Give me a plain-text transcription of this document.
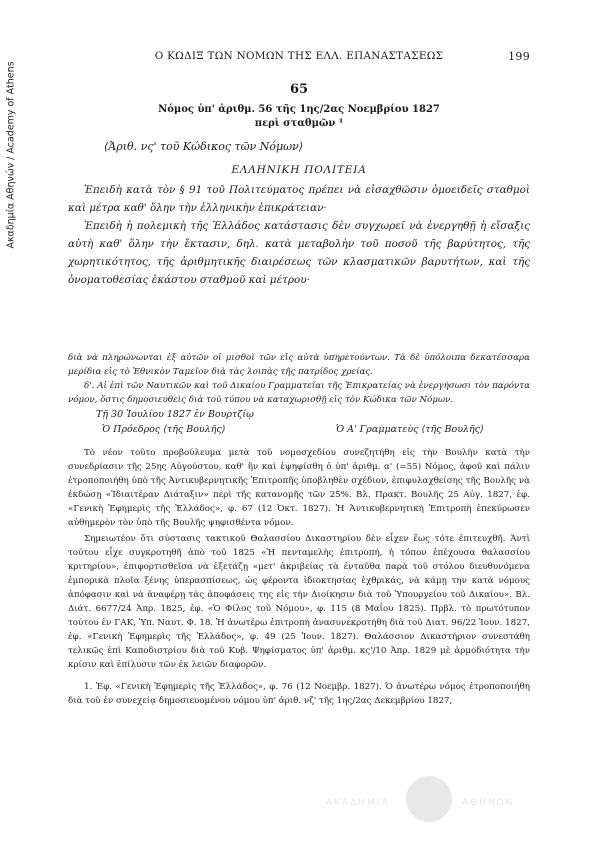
Ακαδημία Αθηνών / Academy of Athens
Ο ΚΩΔΙΞ ΤΩΝ ΝΟΜΩΝ ΤΗΣ ΕΛΛ. ΕΠΑΝΑΣΤΑΣΕΩΣ	199
65
Νόμος ὑπ' ἀριθμ. 56 τῆς 1ης/2ας Νοεμβρίου 1827
περὶ σταθμῶν ¹
⟨Ἀριθ. νς' τοῦ Κώδικος τῶν Νόμων⟩
ΕΛΛΗΝΙΚΗ ΠΟΛΙΤΕΙΑ

Ἐπειδὴ κατὰ τὸν § 91 τοῦ Πολιτεύματος πρέπει νὰ εἰσαχθῶσιν ὁμοειδεῖς σταθμοὶ καὶ μέτρα καθ' ὅλην τὴν ἑλληνικὴν ἐπικράτειαν·

Ἐπειδὴ ἡ πολεμικὴ τῆς Ἑλλάδος κατάστασις δὲν συγχωρεῖ νὰ ἐνεργηθῇ ἡ εἴσαξις αὐτὴ καθ' ὅλην τὴν ἔκτασιν, δηλ. κατὰ μεταβολὴν τοῦ ποσοῦ τῆς βαρύτητος, τῆς χωρητικότητος, τῆς ἀριθμητικῆς διαιρέσεως τῶν κλασματικῶν βαρυτήτων, καὶ τῆς ὀνοματοθεσίας ἑκάστου σταθμοῦ καὶ μέτρου·

διὰ νὰ πληρώνωνται ἐξ αὐτῶν οἱ μισθοὶ τῶν εἰς αὐτὰ ὑπηρετούντων. Τὰ δὲ ὑπόλοιπα δεκατέσσαρα μερίδια εἰς τὸ Ἐθνικὸν Ταμεῖον διὰ τὰς λοιπὰς τῆς πατρίδος χρείας.

δ'. Αἱ ἐπὶ τῶν Ναυτικῶν καὶ τοῦ Δικαίου Γραμματεῖαι τῆς Ἐπικρατείας νὰ ἐνεργήσωσι τὸν παρόντα νόμον, ὅστις δημοσιευθεὶς διὰ τοῦ τύπου νὰ καταχωρισθῇ εἰς τὸν Κώδικα τῶν Νόμων.

Τῇ 30 Ἰουλίου 1827 ἐν Βουρτζίῳ
Ὁ Πρόεδρος ⟨τῆς Βουλῆς⟩	Ὁ Α' Γραμματεὺς ⟨τῆς Βουλῆς⟩

Τὸ νέον τοῦτο προβούλευμα μετὰ τοῦ νομοσχεδίου συνεζητήθη εἰς τὴν Βουλὴν κατὰ τὴν συνεδρίασιν τῆς 25ης Αὐγούστου, καθ' ἣν καὶ ἐψηφίσθη ὁ ὑπ' ἀριθμ. α' (=55) Νόμος, ἀφοῦ καὶ πάλιν ἐτροποποιήθη ὑπὸ τῆς Ἀντικυβερνητικῆς Ἐπιτροπῆς ὑποβληθὲν σχέδιον, ἐπιφυλαχθείσης τῆς Βουλῆς νὰ ἐκδώσῃ «Ἰδιαιτέραν Διάταξιν» περὶ τῆς κατανομῆς τῶν 25%. Βλ. Πρακτ. Βουλῆς 25 Αὐγ. 1827, ἐφ. «Γενικὴ Ἐφημερὶς τῆς Ἑλλάδος», φ. 67 (12 Ὀκτ. 1827). Ἡ Ἀντικυβερνητικὴ Ἐπιτροπὴ ἐπεκύρωσεν αὐθημερὸν τὸν ὑπὸ τῆς Βουλῆς ψηφισθέντα νόμον.

Σημειωτέον ὅτι σύστασις τακτικοῦ Θαλασσίου Δικαστηρίου δὲν εἶχεν ἕως τότε ἐπιτευχθῆ. Ἀντὶ τούτου εἶχε συγκροτηθῆ ἀπὸ τοῦ 1825 «Ἡ πενταμελὴς ἐπιτροπή, ἡ τόπον ἐπέχουσα θαλασσίου κριτηρίου», ἐπιφορτισθεῖσα νὰ ἐξετάζῃ «μετ' ἀκριβείας τὰ ἐνταῦθα παρὰ τοῦ στόλου διευθυνόμενα ἐμπορικὰ πλοῖα ξένης ὑπερασπίσεως, ὡς φέροντα ἰδιοκτησίας ἐχθρικάς, νὰ κάμῃ την κατὰ νόμους ἀπόφασιν καὶ νὰ ἀναφέρῃ τὰς ἀποφάσεις της εἰς τὴν Διοίκησιν διὰ τοῦ Ὑπουργείου τοῦ Δικαίου». Βλ. Διάτ. 6677/24 Ἀπρ. 1825, ἐφ. «Ὁ Φίλος τοῦ Νόμου», φ. 115 (8 Μαΐου 1825). Πρβλ. τὸ πρωτότυπον τούτου ἐν ΓΑΚ, Ὑπ. Ναυτ. Φ. 18. Ἡ ἀνωτέρω ἐπιτροπὴ ἀνασυνεκροτήθη διὰ τοῦ Διατ. 96/22 Ἰουν. 1827, ἐφ. «Γενικὴ Ἐφημερὶς τῆς Ἑλλάδος», φ. 49 (25 Ἰουν. 1827). Θαλάσσιον Δικαστήριον συνεστάθη τελικῶς ἐπὶ Καποδιστρίου διὰ τοῦ Κυβ. Ψηφίσματος ὑπ' ἀριθμ. κς'/10 Ἀπρ. 1829 μὲ ἁρμοδιότητα τὴν κρίσιν καὶ ἐπίλυσιν τῶν ἐκ λειῶν διαφορῶν.

1. Ἐφ. «Γενικὴ Ἐφημερὶς τῆς Ἑλλάδος», φ. 76 (12 Νοεμβρ. 1827). Ὁ ἀνωτέρω νόμος ἐτροποποιήθη διὰ τοῦ ἐν συνεχείᾳ δημοσιευομένου νόμου ὑπ' ἀριθ. νζ' τῆς 1ης/2ας Δεκεμβρίου 1827,

ΑΚΑΔΗΜΙΑ	ΑΘΗΝΩΝ
